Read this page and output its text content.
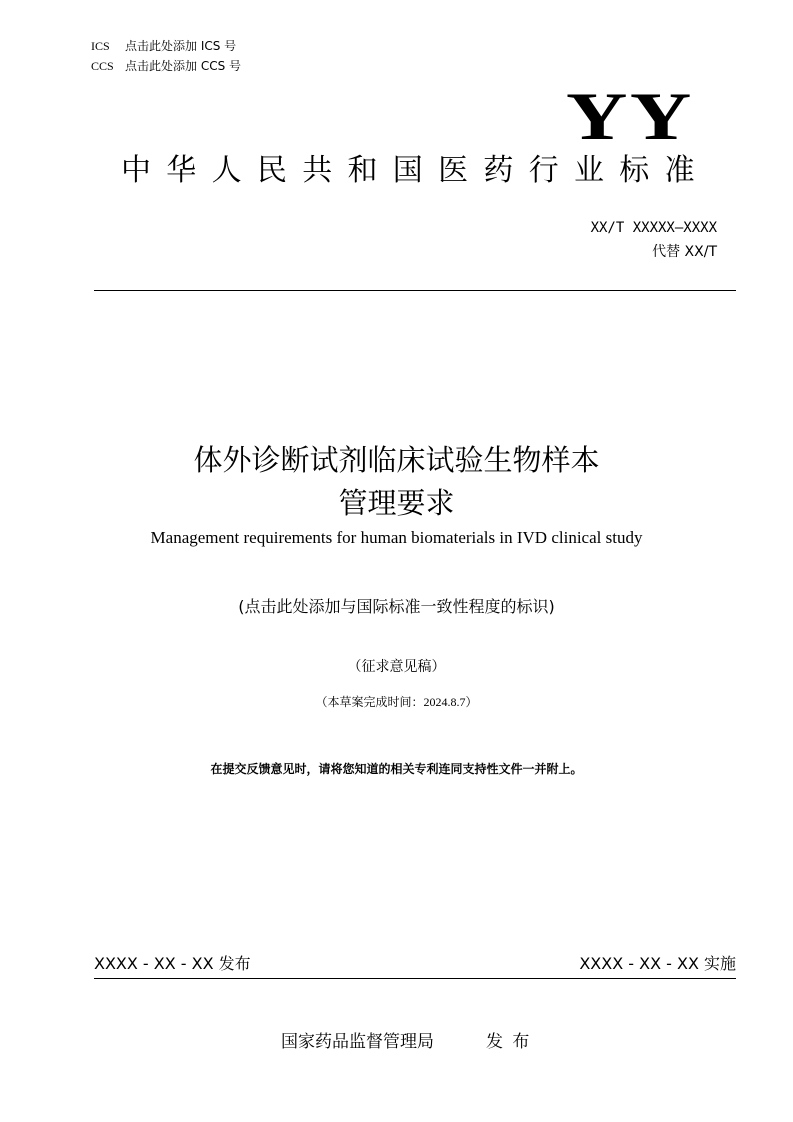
ICS 点击此处添加 ICS 号
CCS 点击此处添加 CCS 号
YY
中华人民共和国医药行业标准
XX/T XXXXX—XXXX
代替 XX/T
体外诊断试剂临床试验生物样本
管理要求
Management requirements for human biomaterials in IVD clinical study
(点击此处添加与国际标准一致性程度的标识)
（征求意见稿）
（本草案完成时间：2024.8.7）
在提交反馈意见时，请将您知道的相关专利连同支持性文件一并附上。
XXXX - XX - XX 发布	XXXX - XX - XX 实施
国家药品监督管理局	发 布
